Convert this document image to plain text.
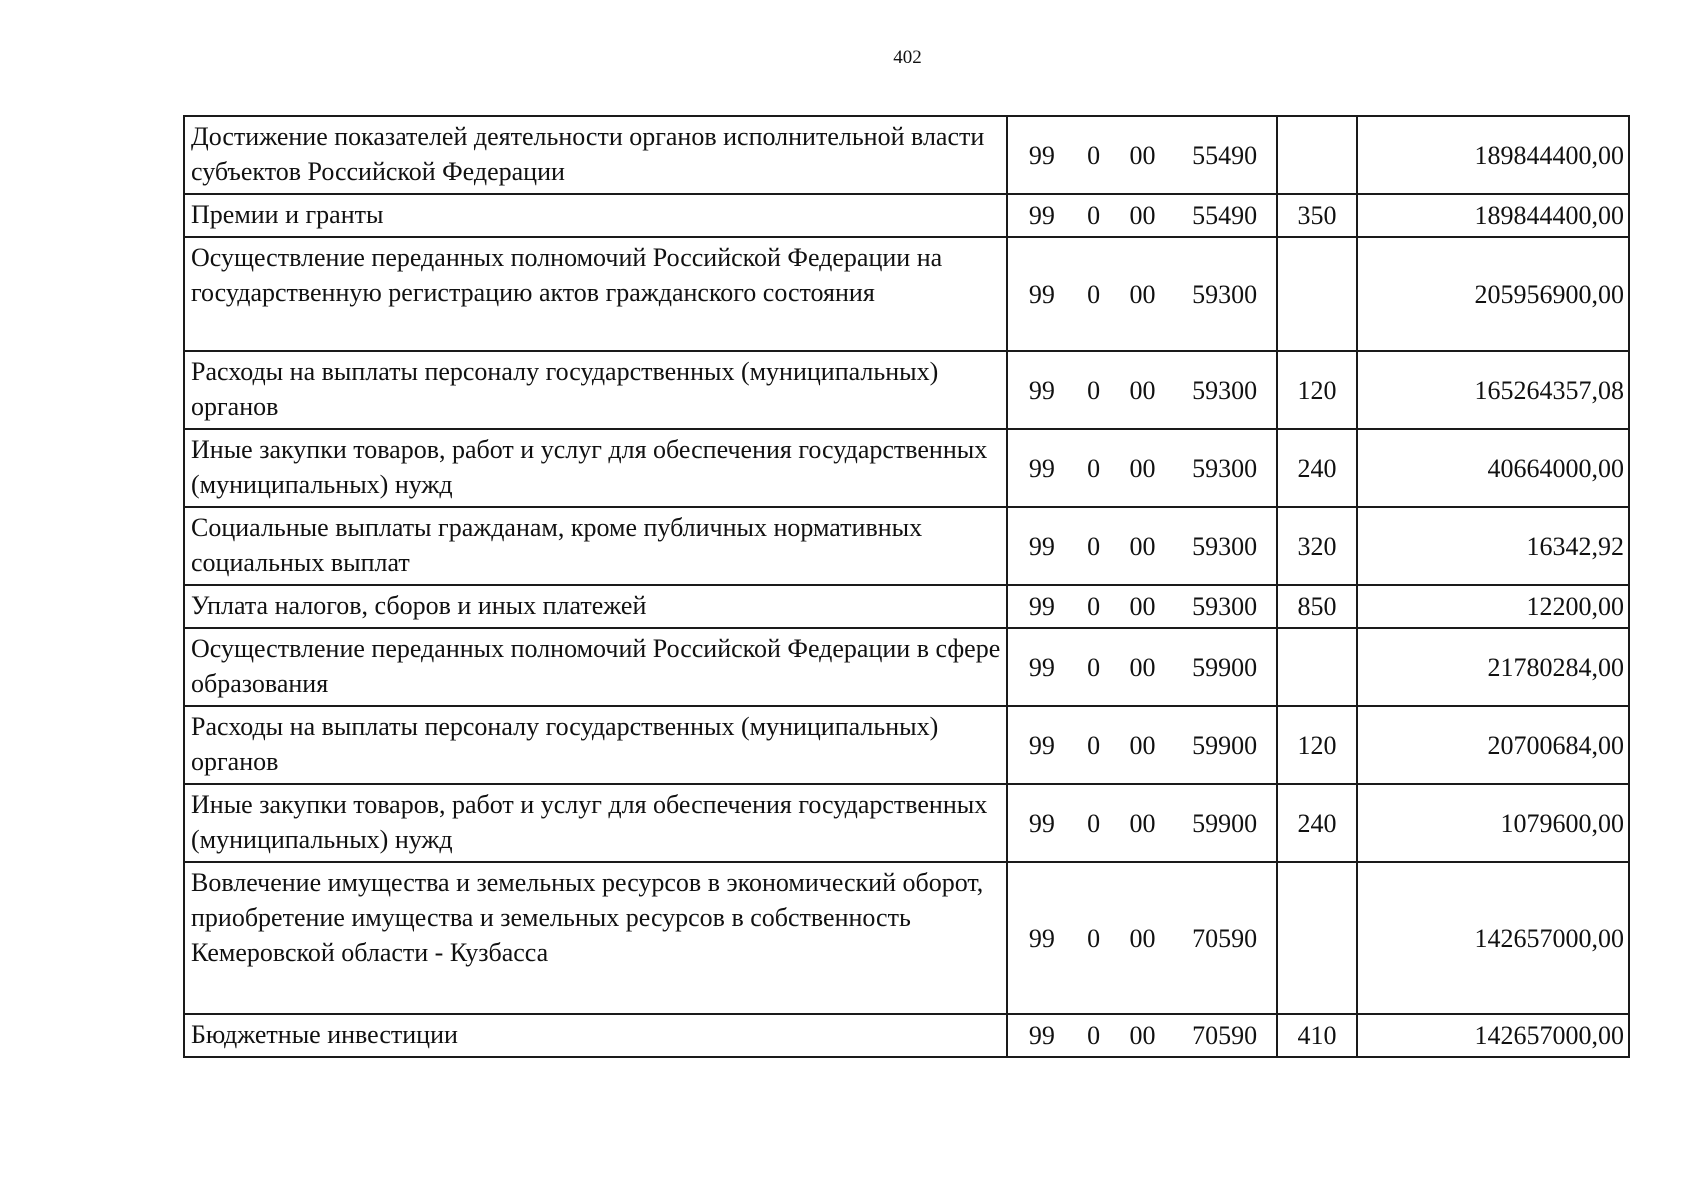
402
Достижение показателей деятельности органов исполнительной власти субъектов Российской Федерации	99 0 00 55490		189844400,00
Премии и гранты	99 0 00 55490	350	189844400,00
Осуществление переданных полномочий Российской Федерации на государственную регистрацию актов гражданского состояния	99 0 00 59300		205956900,00
Расходы на выплаты персоналу государственных (муниципальных) органов	99 0 00 59300	120	165264357,08
Иные закупки товаров, работ и услуг для обеспечения государственных (муниципальных) нужд	99 0 00 59300	240	40664000,00
Социальные выплаты гражданам, кроме публичных нормативных социальных выплат	99 0 00 59300	320	16342,92
Уплата налогов, сборов и иных платежей	99 0 00 59300	850	12200,00
Осуществление переданных полномочий Российской Федерации в сфере образования	99 0 00 59900		21780284,00
Расходы на выплаты персоналу государственных (муниципальных) органов	99 0 00 59900	120	20700684,00
Иные закупки товаров, работ и услуг для обеспечения государственных (муниципальных) нужд	99 0 00 59900	240	1079600,00
Вовлечение имущества и земельных ресурсов в экономический оборот, приобретение имущества и земельных ресурсов в собственность Кемеровской области - Кузбасса	99 0 00 70590		142657000,00
Бюджетные инвестиции	99 0 00 70590	410	142657000,00
